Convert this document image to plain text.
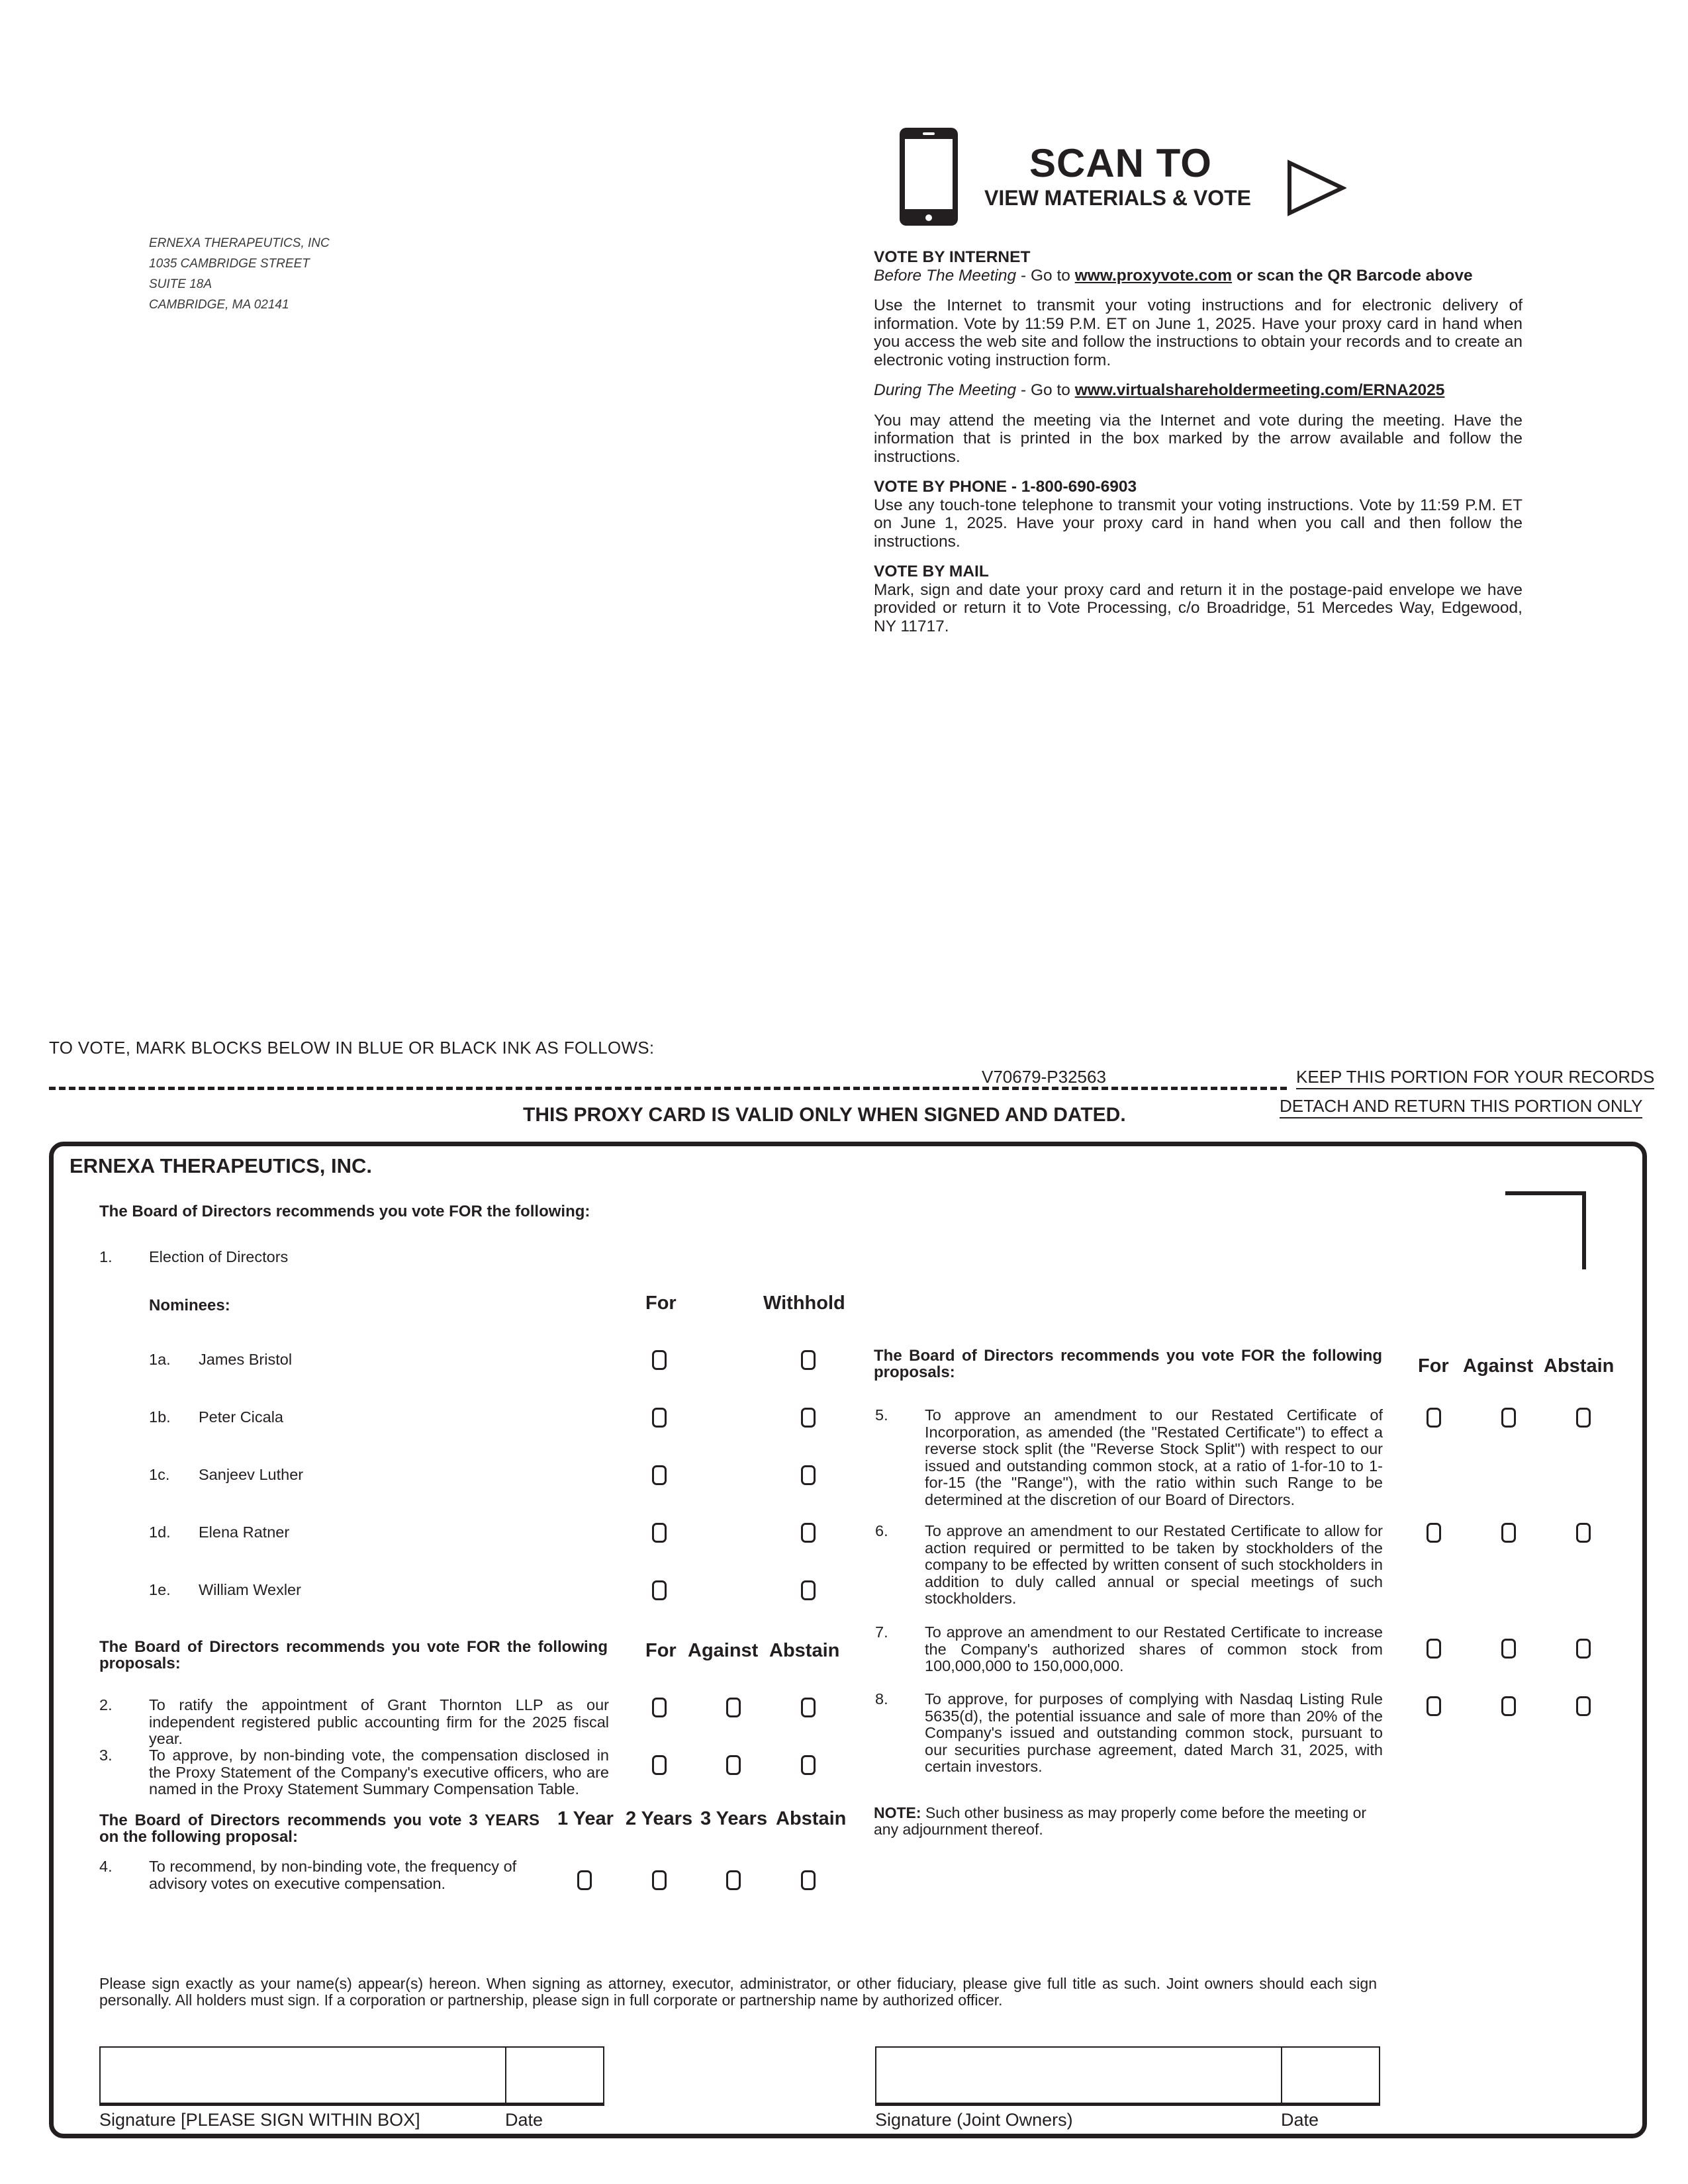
ERNEXA THERAPEUTICS, INC
1035 CAMBRIDGE STREET
SUITE 18A
CAMBRIDGE, MA 02141
SCAN TO
VIEW MATERIALS & VOTE
VOTE BY INTERNET
Before The Meeting - Go to www.proxyvote.com or scan the QR Barcode above

Use the Internet to transmit your voting instructions and for electronic delivery of information. Vote by 11:59 P.M. ET on June 1, 2025. Have your proxy card in hand when you access the web site and follow the instructions to obtain your records and to create an electronic voting instruction form.

During The Meeting - Go to www.virtualshareholdermeeting.com/ERNA2025

You may attend the meeting via the Internet and vote during the meeting. Have the information that is printed in the box marked by the arrow available and follow the instructions.

VOTE BY PHONE - 1-800-690-6903

Use any touch-tone telephone to transmit your voting instructions. Vote by 11:59 P.M. ET on June 1, 2025. Have your proxy card in hand when you call and then follow the instructions.

VOTE BY MAIL

Mark, sign and date your proxy card and return it in the postage-paid envelope we have provided or return it to Vote Processing, c/o Broadridge, 51 Mercedes Way, Edgewood, NY 11717.

TO VOTE, MARK BLOCKS BELOW IN BLUE OR BLACK INK AS FOLLOWS:
V70679-P32563	KEEP THIS PORTION FOR YOUR RECORDS
DETACH AND RETURN THIS PORTION ONLY
THIS PROXY CARD IS VALID ONLY WHEN SIGNED AND DATED.
ERNEXA THERAPEUTICS, INC.
The Board of Directors recommends you vote FOR the following:
1. Election of Directors
Nominees:	For	Withhold
1a. James Bristol
1b. Peter Cicala
1c. Sanjeev Luther
1d. Elena Ratner
1e. William Wexler
The Board of Directors recommends you vote FOR the following proposals:
For Against Abstain
2. To ratify the appointment of Grant Thornton LLP as our independent registered public accounting firm for the 2025 fiscal year.
3. To approve, by non-binding vote, the compensation disclosed in the Proxy Statement of the Company's executive officers, who are named in the Proxy Statement Summary Compensation Table.
The Board of Directors recommends you vote 3 YEARS on the following proposal:
1 Year 2 Years 3 Years Abstain
4. To recommend, by non-binding vote, the frequency of advisory votes on executive compensation.
The Board of Directors recommends you vote FOR the following proposals:	For Against Abstain
5. To approve an amendment to our Restated Certificate of Incorporation, as amended (the "Restated Certificate") to effect a reverse stock split (the "Reverse Stock Split") with respect to our issued and outstanding common stock, at a ratio of 1-for-10 to 1-for-15 (the "Range"), with the ratio within such Range to be determined at the discretion of our Board of Directors.
6. To approve an amendment to our Restated Certificate to allow for action required or permitted to be taken by stockholders of the company to be effected by written consent of such stockholders in addition to duly called annual or special meetings of such stockholders.
7. To approve an amendment to our Restated Certificate to increase the Company's authorized shares of common stock from 100,000,000 to 150,000,000.
8. To approve, for purposes of complying with Nasdaq Listing Rule 5635(d), the potential issuance and sale of more than 20% of the Company's issued and outstanding common stock, pursuant to our securities purchase agreement, dated March 31, 2025, with certain investors.
NOTE: Such other business as may properly come before the meeting or any adjournment thereof.
Please sign exactly as your name(s) appear(s) hereon. When signing as attorney, executor, administrator, or other fiduciary, please give full title as such. Joint owners should each sign personally. All holders must sign. If a corporation or partnership, please sign in full corporate or partnership name by authorized officer.
Signature [PLEASE SIGN WITHIN BOX]	Date	Signature (Joint Owners)	Date
